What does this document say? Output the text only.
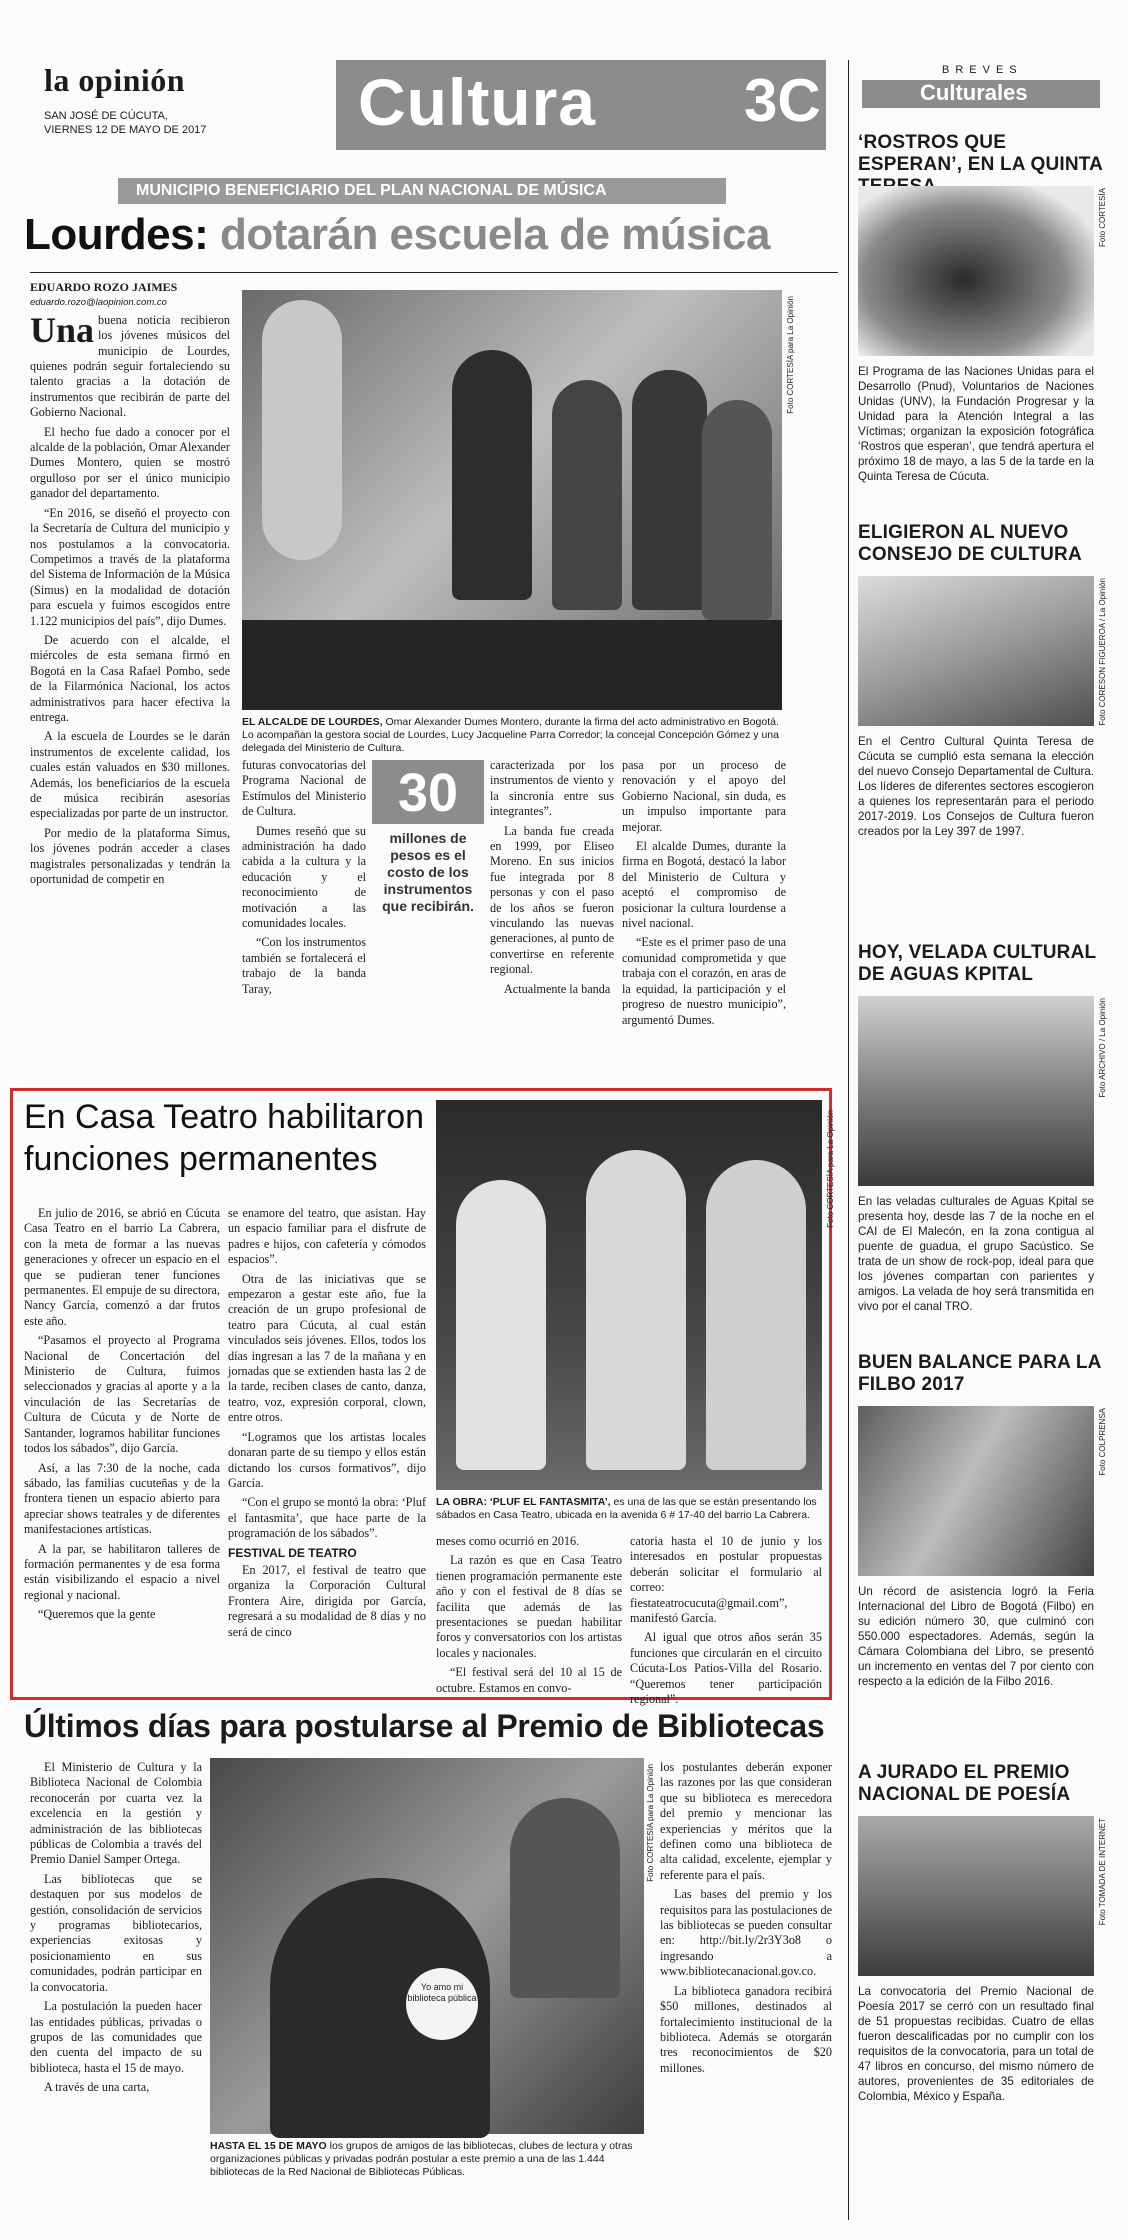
la opinión
SAN JOSÉ DE CÚCUTA,
VIERNES 12 DE MAYO DE 2017 Cultura 3C	BREVES
Culturales
MUNICIPIO BENEFICIARIO DEL PLAN NACIONAL DE MÚSICA
Lourdes: dotarán escuela de música
EDUARDO ROZO JAIMES
eduardo.rozo@laopinion.com.co

Una buena noticia recibieron los jóvenes músicos del municipio de Lourdes, quienes podrán seguir fortaleciendo su talento gracias a la dotación de instrumentos que recibirán de parte del Gobierno Nacional.

El hecho fue dado a conocer por el alcalde de la población, Omar Alexander Dumes Montero, quien se mostró orgulloso por ser el único municipio ganador del departamento.

“En 2016, se diseñó el proyecto con la Secretaría de Cultura del municipio y nos postulamos a la convocatoria. Competimos a través de la plataforma del Sistema de Información de la Música (Simus) en la modalidad de dotación para escuela y fuimos escogidos entre 1.122 municipios del país”, dijo Dumes.

De acuerdo con el alcalde, el miércoles de esta semana firmó en Bogotá en la Casa Rafael Pombo, sede de la Filarmónica Nacional, los actos administrativos para hacer efectiva la entrega.

A la escuela de Lourdes se le darán instrumentos de excelente calidad, los cuales están valuados en $30 millones. Además, los beneficiarios de la escuela de música recibirán asesorías especializadas por parte de un instructor.

Por medio de la plataforma Simus, los jóvenes podrán acceder a clases magistrales personalizadas y tendrán la oportunidad de competir en

Foto CORTESÍA para La Opinión
EL ALCALDE DE LOURDES, Omar Alexander Dumes Montero, durante la firma del acto administrativo en Bogotá. Lo acompañan la gestora social de Lourdes, Lucy Jacqueline Parra Corredor; la concejal Concepción Gómez y una delegada del Ministerio de Cultura.

futuras convocatorias del Programa Nacional de Estímulos del Ministerio de Cultura.

Dumes reseñó que su administración ha dado cabida a la cultura y la educación y el reconocimiento de motivación a las comunidades locales.

“Con los instrumentos también se fortalecerá el trabajo de la banda Taray,

30
millones de pesos es el costo de los instrumentos que recibirán.

caracterizada por los instrumentos de viento y la sincronía entre sus integrantes”.

La banda fue creada en 1999, por Eliseo Moreno. En sus inicios fue integrada por 8 personas y con el paso de los años se fueron vinculando las nuevas generaciones, al punto de convertirse en referente regional.

Actualmente la banda

pasa por un proceso de renovación y el apoyo del Gobierno Nacional, sin duda, es un impulso importante para mejorar.

El alcalde Dumes, durante la firma en Bogotá, destacó la labor del Ministerio de Cultura y aceptó el compromiso de posicionar la cultura lourdense a nivel nacional.

“Este es el primer paso de una comunidad comprometida y que trabaja con el corazón, en aras de la equidad, la participación y el progreso de nuestro municipio”, argumentó Dumes.

En Casa Teatro habilitaron funciones permanentes	Foto CORTESÍA para La Opinión
LA OBRA: ‘PLUF EL FANTASMITA’, es una de las que se están presentando los sábados en Casa Teatro, ubicada en la avenida 6 # 17-40 del barrio La Cabrera.

En julio de 2016, se abrió en Cúcuta Casa Teatro en el barrio La Cabrera, con la meta de formar a las nuevas generaciones y ofrecer un espacio en el que se pudieran tener funciones permanentes. El empuje de su directora, Nancy García, comenzó a dar frutos este año.

“Pasamos el proyecto al Programa Nacional de Concertación del Ministerio de Cultura, fuimos seleccionados y gracias al aporte y a la vinculación de las Secretarías de Cultura de Cúcuta y de Norte de Santander, logramos habilitar funciones todos los sábados”, dijo García.

Así, a las 7:30 de la noche, cada sábado, las familias cucuteñas y de la frontera tienen un espacio abierto para apreciar shows teatrales y de diferentes manifestaciones artísticas.

A la par, se habilitaron talleres de formación permanentes y de esa forma están visibilizando el espacio a nivel regional y nacional.

“Queremos que la gente

se enamore del teatro, que asistan. Hay un espacio familiar para el disfrute de padres e hijos, con cafetería y cómodos espacios”.

Otra de las iniciativas que se empezaron a gestar este año, fue la creación de un grupo profesional de teatro para Cúcuta, al cual están vinculados seis jóvenes. Ellos, todos los días ingresan a las 7 de la mañana y en jornadas que se extienden hasta las 2 de la tarde, reciben clases de canto, danza, teatro, voz, expresión corporal, clown, entre otros.

“Logramos que los artistas locales donaran parte de su tiempo y ellos están dictando los cursos formativos”, dijo García.

“Con el grupo se montó la obra: ‘Pluf el fantasmita’, que hace parte de la programación de los sábados”.

FESTIVAL DE TEATRO

En 2017, el festival de teatro que organiza la Corporación Cultural Frontera Aire, dirigida por García, regresará a su modalidad de 8 días y no será de cinco

meses como ocurrió en 2016.

La razón es que en Casa Teatro tienen programación permanente este año y con el festival de 8 días se facilita que además de las presentaciones se puedan habilitar foros y conversatorios con los artistas locales y nacionales.

“El festival será del 10 al 15 de octubre. Estamos en convo-

catoria hasta el 10 de junio y los interesados en postular propuestas deberán solicitar el formulario al correo: fiestateatrocucuta@gmail.com”, manifestó García.

Al igual que otros años serán 35 funciones que circularán en el circuito Cúcuta-Los Patios-Villa del Rosario. “Queremos tener participación regional”.

Últimos días para postularse al Premio de Bibliotecas

El Ministerio de Cultura y la Biblioteca Nacional de Colombia reconocerán por cuarta vez la excelencia en la gestión y administración de las bibliotecas públicas de Colombia a través del Premio Daniel Samper Ortega.

Las bibliotecas que se destaquen por sus modelos de gestión, consolidación de servicios y programas bibliotecarios, experiencias exitosas y posicionamiento en sus comunidades, podrán participar en la convocatoria.

La postulación la pueden hacer las entidades públicas, privadas o grupos de las comunidades que den cuenta del impacto de su biblioteca, hasta el 15 de mayo.

A través de una carta,

Yo amo mi biblioteca pública
Foto CORTESÍA para La Opinión
HASTA EL 15 DE MAYO los grupos de amigos de las bibliotecas, clubes de lectura y otras organizaciones públicas y privadas podrán postular a este premio a una de las 1.444 bibliotecas de la Red Nacional de Bibliotecas Públicas.

los postulantes deberán exponer las razones por las que consideran que su biblioteca es merecedora del premio y mencionar las experiencias y méritos que la definen como una biblioteca de alta calidad, excelente, ejemplar y referente para el país.

Las bases del premio y los requisitos para las postulaciones de las bibliotecas se pueden consultar en: http://bit.ly/2r3Y3o8 o ingresando a www.bibliotecanacional.gov.co.

La biblioteca ganadora recibirá $50 millones, destinados al fortalecimiento institucional de la biblioteca. Además se otorgarán tres reconocimientos de $20 millones.

‘ROSTROS QUE ESPERAN’, EN LA QUINTA
Foto CORTESÍA
El Programa de las Naciones Unidas para el Desarrollo (Pnud), Voluntarios de Naciones Unidas (UNV), la Fundación Progresar y la Unidad para la Atención Integral a las Víctimas; organizan la exposición fotográfica ‘Rostros que esperan’, que tendrá apertura el próximo 18 de mayo, a las 5 de la tarde en la Quinta Teresa de Cúcuta.
ELIGIERON AL NUEVO CONSEJO DE CULTURA
Foto CORESON FIGUEROA / La Opinión
En el Centro Cultural Quinta Teresa de Cúcuta se cumplió esta semana la elección del nuevo Consejo Departamental de Cultura. Los líderes de diferentes sectores escogieron a quienes los representarán para el periodo 2017-2019. Los Consejos de Cultura fueron creados por la Ley 397 de 1997.
HOY, VELADA CULTURAL DE AGUAS KPITAL
Foto ARCHIVO / La Opinión
En las veladas culturales de Aguas Kpital se presenta hoy, desde las 7 de la noche en el CAI de El Malecón, en la zona contigua al puente de guadua, el grupo Sacústico. Se trata de un show de rock-pop, ideal para que los jóvenes compartan con parientes y amigos. La velada de hoy será transmitida en vivo por el canal TRO.
BUEN BALANCE PARA LA FILBO 2017
Foto COLPRENSA
Un récord de asistencia logró la Feria Internacional del Libro de Bogotá (Filbo) en su edición número 30, que culminó con 550.000 espectadores. Además, según la Cámara Colombiana del Libro, se presentó un incremento en ventas del 7 por ciento con respecto a la edición de la Filbo 2016.
A JURADO EL PREMIO NACIONAL DE POESÍA
Foto TOMADA DE INTERNET
La convocatoria del Premio Nacional de Poesía 2017 se cerró con un resultado final de 51 propuestas recibidas. Cuatro de ellas fueron descalificadas por no cumplir con los requisitos de la convocatoria, para un total de 47 libros en concurso, del mismo número de autores, provenientes de 35 editoriales de Colombia, México y España.
